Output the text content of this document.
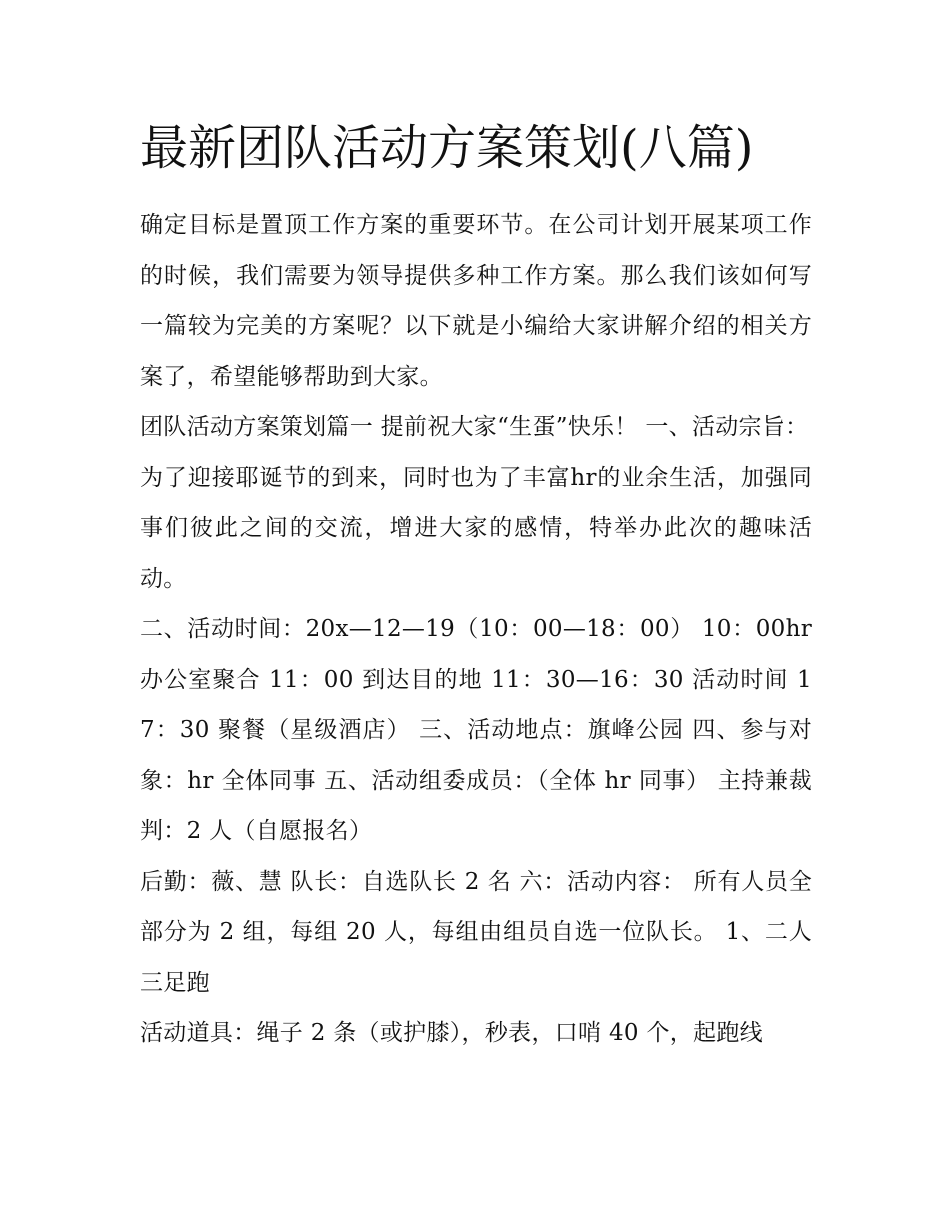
最新团队活动方案策划(八篇)

确定目标是置顶工作方案的重要环节。在公司计划开展某项工作的时候，我们需要为领导提供多种工作方案。那么我们该如何写一篇较为完美的方案呢？以下就是小编给大家讲解介绍的相关方案了，希望能够帮助到大家。

团队活动方案策划篇一 提前祝大家“生蛋”快乐！ 一、活动宗旨：

为了迎接耶诞节的到来，同时也为了丰富hr的业余生活，加强同事们彼此之间的交流，增进大家的感情，特举办此次的趣味活动。

二、活动时间：20x—12—19（10：00—18：00） 10：00hr办公室聚合 11：00 到达目的地 11：30—16：30 活动时间 17：30 聚餐（星级酒店） 三、活动地点：旗峰公园 四、参与对象：hr 全体同事 五、活动组委成员：（全体 hr 同事） 主持兼裁判：2 人（自愿报名）

后勤：薇、慧 队长：自选队长 2 名 六：活动内容： 所有人员全部分为 2 组，每组 20 人，每组由组员自选一位队长。 1、二人三足跑

活动道具：绳子 2 条（或护膝），秒表，口哨 40 个，起跑线
